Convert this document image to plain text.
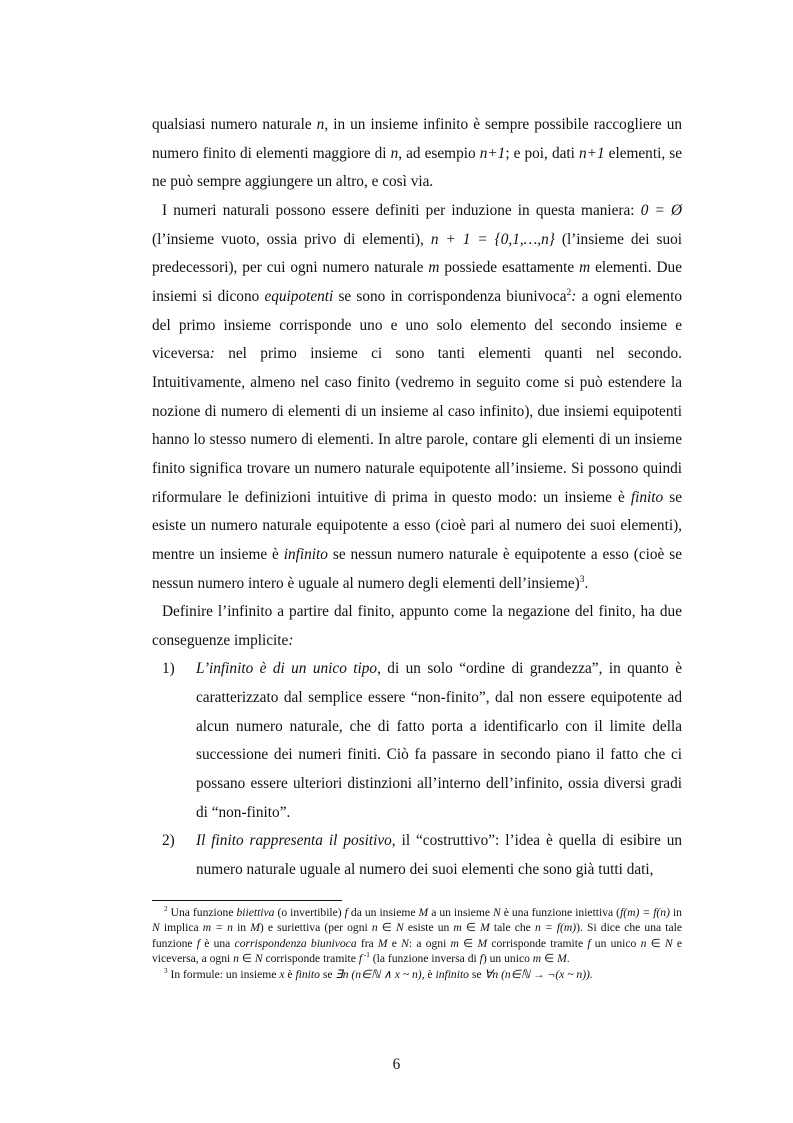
qualsiasi numero naturale n, in un insieme infinito è sempre possibile raccogliere un numero finito di elementi maggiore di n, ad esempio n+1; e poi, dati n+1 elementi, se ne può sempre aggiungere un altro, e così via.

I numeri naturali possono essere definiti per induzione in questa maniera: 0 = Ø (l’insieme vuoto, ossia privo di elementi), n + 1 = {0,1,…,n} (l’insieme dei suoi predecessori), per cui ogni numero naturale m possiede esattamente m elementi. Due insiemi si dicono equipotenti se sono in corrispondenza biunivoca$^2$: a ogni elemento del primo insieme corrisponde uno e uno solo elemento del secondo insieme e viceversa: nel primo insieme ci sono tanti elementi quanti nel secondo. Intuitivamente, almeno nel caso finito (vedremo in seguito come si può estendere la nozione di numero di elementi di un insieme al caso infinito), due insiemi equipotenti hanno lo stesso numero di elementi. In altre parole, contare gli elementi di un insieme finito significa trovare un numero naturale equipotente all’insieme. Si possono quindi riformulare le definizioni intuitive di prima in questo modo: un insieme è finito se esiste un numero naturale equipotente a esso (cioè pari al numero dei suoi elementi), mentre un insieme è infinito se nessun numero naturale è equipotente a esso (cioè se nessun numero intero è uguale al numero degli elementi dell’insieme)$^3$.

Definire l’infinito a partire dal finito, appunto come la negazione del finito, ha due conseguenze implicite:

1) L’infinito è di un unico tipo, di un solo “ordine di grandezza”, in quanto è caratterizzato dal semplice essere “non-finito”, dal non essere equipotente ad alcun numero naturale, che di fatto porta a identificarlo con il limite della successione dei numeri finiti. Ciò fa passare in secondo piano il fatto che ci possano essere ulteriori distinzioni all’interno dell’infinito, ossia diversi gradi di “non-finito”.
2) Il finito rappresenta il positivo, il “costruttivo”: l’idea è quella di esibire un numero naturale uguale al numero dei suoi elementi che sono già tutti dati,

$^2$ Una funzione biiettiva (o invertibile) f da un insieme M a un insieme N è una funzione iniettiva (f(m) = f(n) in N implica m = n in M) e suriettiva (per ogni n ∈ N esiste un m ∈ M tale che n = f(m)). Si dice che una tale funzione f è una corrispondenza biunivoca fra M e N: a ogni m ∈ M corrisponde tramite f un unico n ∈ N e viceversa, a ogni n ∈ N corrisponde tramite f $^{-1}$ (la funzione inversa di f) un unico m ∈ M.

$^3$ In formule: un insieme x è finito se ∃n (n∈ℕ ∧ x ~ n), è infinito se ∀n (n∈ℕ → ¬(x ~ n)).

6
